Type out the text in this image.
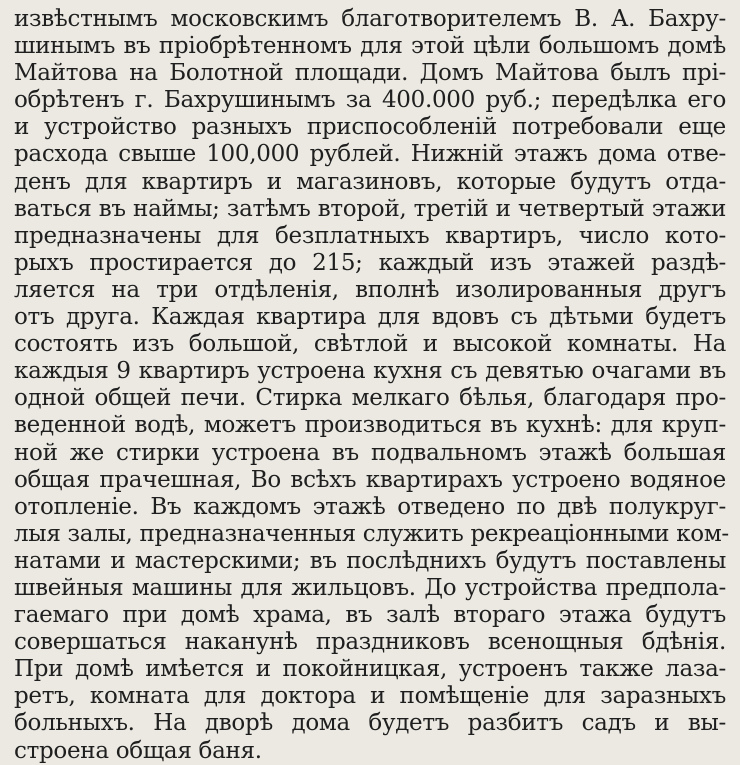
извѣстнымъ московскимъ благотворителемъ В. А. Бахру-
шинымъ въ пріобрѣтенномъ для этой цѣли большомъ домѣ
Майтова на Болотной площади. Домъ Майтова былъ прі-
обрѣтенъ г. Бахрушинымъ за 400.000 руб.; передѣлка его
и устройство разныхъ приспособленій потребовали еще
расхода свыше 100,000 рублей. Нижній этажъ дома отве-
денъ для квартиръ и магазиновъ, которые будутъ отда-
ваться въ наймы; затѣмъ второй, третій и четвертый этажи
предназначены для безплатныхъ квартиръ, число кото-
рыхъ простирается до 215; каждый изъ этажей раздѣ-
ляется на три отдѣленія, вполнѣ изолированныя другъ
отъ друга. Каждая квартира для вдовъ съ дѣтьми будетъ
состоять изъ большой, свѣтлой и высокой комнаты. На
каждыя 9 квартиръ устроена кухня съ девятью очагами въ
одной общей печи. Стирка мелкаго бѣлья, благодаря про-
веденной водѣ, можетъ производиться въ кухнѣ: для круп-
ной же стирки устроена въ подвальномъ этажѣ большая
общая прачешная, Во всѣхъ квартирахъ устроено водяное
отопленіе. Въ каждомъ этажѣ отведено по двѣ полукруг-
лыя залы, предназначенныя служить рекреаціонными ком-
натами и мастерскими; въ послѣднихъ будутъ поставлены
швейныя машины для жильцовъ. До устройства предпола-
гаемаго при домѣ храма, въ залѣ втораго этажа будутъ
совершаться наканунѣ праздниковъ всенощныя бдѣнія.
При домѣ имѣется и покойницкая, устроенъ также лаза-
ретъ, комната для доктора и помѣщеніе для заразныхъ
больныхъ. На дворѣ дома будетъ разбитъ садъ и вы-
строена общая баня.
